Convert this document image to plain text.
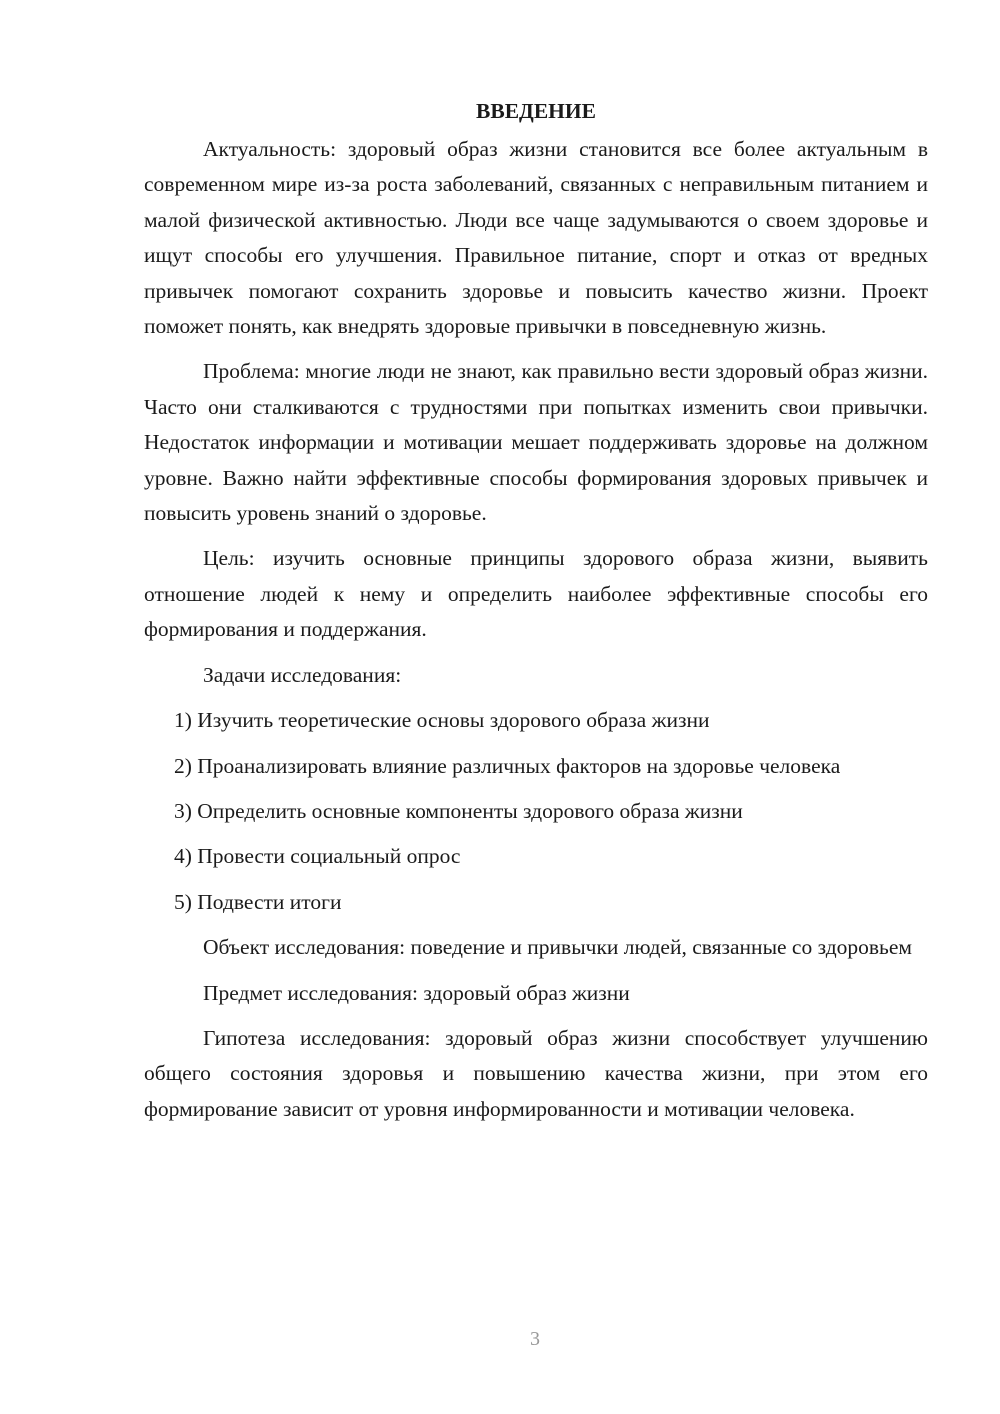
ВВЕДЕНИЕ

Актуальность: здоровый образ жизни становится все более актуальным в современном мире из-за роста заболеваний, связанных с неправильным питанием и малой физической активностью. Люди все чаще задумываются о своем здоровье и ищут способы его улучшения. Правильное питание, спорт и отказ от вредных привычек помогают сохранить здоровье и повысить качество жизни. Проект поможет понять, как внедрять здоровые привычки в повседневную жизнь.

Проблема: многие люди не знают, как правильно вести здоровый образ жизни. Часто они сталкиваются с трудностями при попытках изменить свои привычки. Недостаток информации и мотивации мешает поддерживать здоровье на должном уровне. Важно найти эффективные способы формирования здоровых привычек и повысить уровень знаний о здоровье.

Цель: изучить основные принципы здорового образа жизни, выявить отношение людей к нему и определить наиболее эффективные способы его формирования и поддержания.

Задачи исследования:

1) Изучить теоретические основы здорового образа жизни

2) Проанализировать влияние различных факторов на здоровье человека

3) Определить основные компоненты здорового образа жизни

4) Провести социальный опрос

5) Подвести итоги

Объект исследования: поведение и привычки людей, связанные со здоровьем

Предмет исследования: здоровый образ жизни

Гипотеза исследования: здоровый образ жизни способствует улучшению общего состояния здоровья и повышению качества жизни, при этом его формирование зависит от уровня информированности и мотивации человека.

3
